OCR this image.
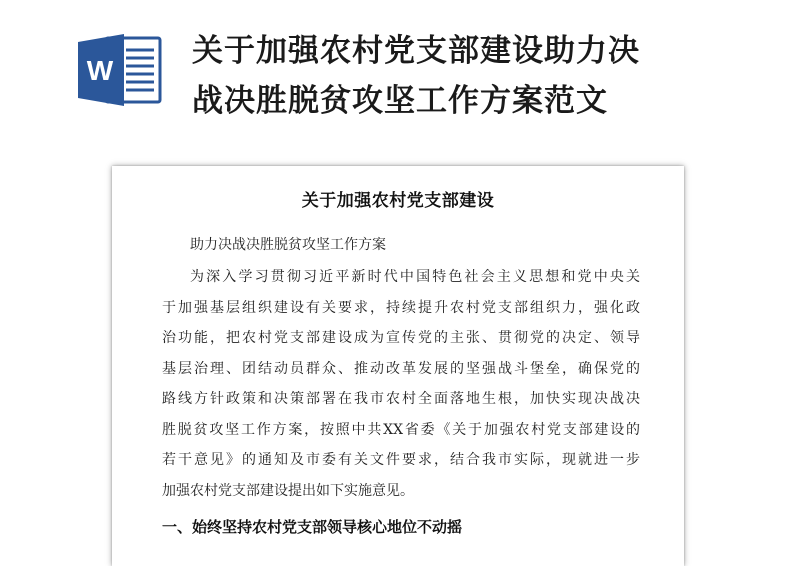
W
关于加强农村党支部建设助力决
战决胜脱贫攻坚工作方案范文
关于加强农村党支部建设
助力决战决胜脱贫攻坚工作方案
为深入学习贯彻习近平新时代中国特色社会主义思想和党中央关
于加强基层组织建设有关要求，持续提升农村党支部组织力，强化政
治功能，把农村党支部建设成为宣传党的主张、贯彻党的决定、领导
基层治理、团结动员群众、推动改革发展的坚强战斗堡垒，确保党的
路线方针政策和决策部署在我市农村全面落地生根，加快实现决战决
胜脱贫攻坚工作方案，按照中共XX省委《关于加强农村党支部建设的
若干意见》的通知及市委有关文件要求，结合我市实际，现就进一步
加强农村党支部建设提出如下实施意见。
一、始终坚持农村党支部领导核心地位不动摇
